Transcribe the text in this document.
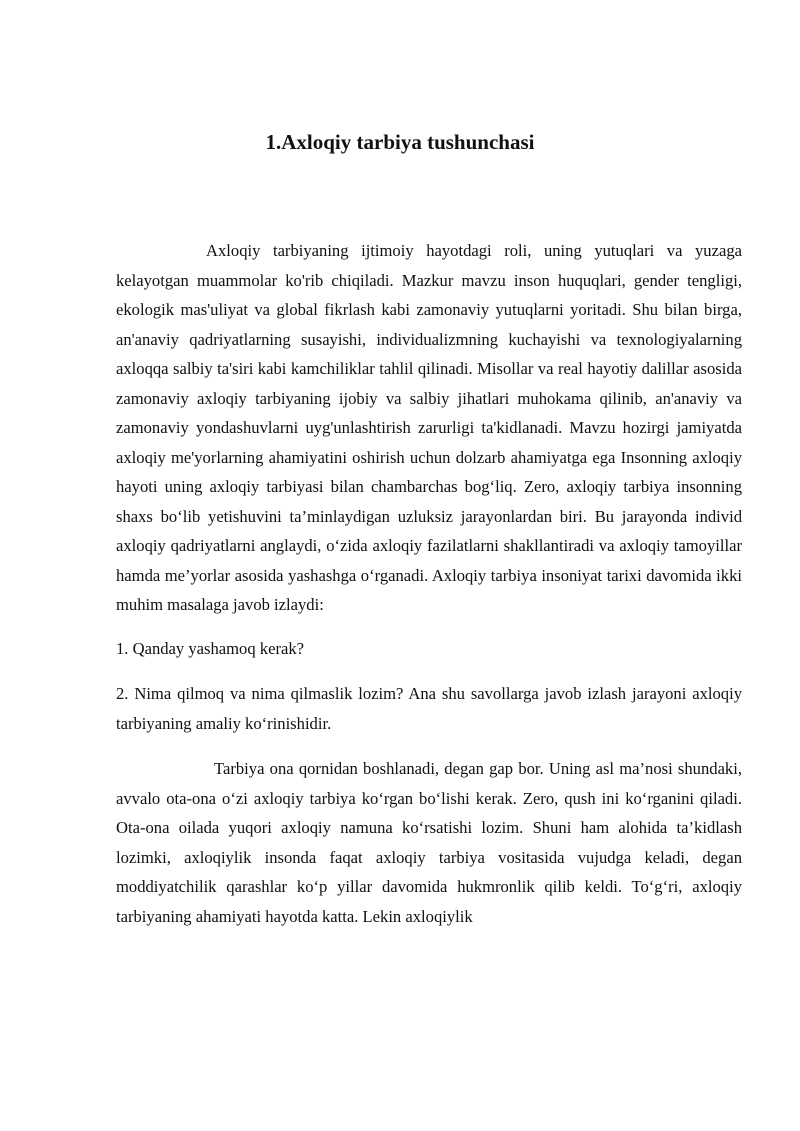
1.Axloqiy tarbiya tushunchasi

Axloqiy tarbiyaning ijtimoiy hayotdagi roli, uning yutuqlari va yuzaga kelayotgan muammolar ko'rib chiqiladi. Mazkur mavzu inson huquqlari, gender tengligi, ekologik mas'uliyat va global fikrlash kabi zamonaviy yutuqlarni yoritadi. Shu bilan birga, an'anaviy qadriyatlarning susayishi, individualizmning kuchayishi va texnologiyalarning axloqqa salbiy ta'siri kabi kamchiliklar tahlil qilinadi. Misollar va real hayotiy dalillar asosida zamonaviy axloqiy tarbiyaning ijobiy va salbiy jihatlari muhokama qilinib, an'anaviy va zamonaviy yondashuvlarni uyg'unlashtirish zarurligi ta'kidlanadi. Mavzu hozirgi jamiyatda axloqiy me'yorlarning ahamiyatini oshirish uchun dolzarb ahamiyatga ega Insonning axloqiy hayoti uning axloqiy tarbiyasi bilan chambarchas bog‘liq. Zero, axloqiy tarbiya insonning shaxs bo‘lib yetishuvini ta’minlaydigan uzluksiz jarayonlardan biri. Bu jarayonda individ axloqiy qadriyatlarni anglaydi, o‘zida axloqiy fazilatlarni shakllantiradi va axloqiy tamoyillar hamda me’yorlar asosida yashashga o‘rganadi. Axloqiy tarbiya insoniyat tarixi davomida ikki muhim masalaga javob izlaydi:

1. Qanday yashamoq kerak?

2. Nima qilmoq va nima qilmaslik lozim? Ana shu savollarga javob izlash jarayoni axloqiy tarbiyaning amaliy ko‘rinishidir.

Tarbiya ona qornidan boshlanadi, degan gap bor. Uning asl ma’nosi shundaki, avvalo ota-ona o‘zi axloqiy tarbiya ko‘rgan bo‘lishi kerak. Zero, qush ini ko‘rganini qiladi. Ota-ona oilada yuqori axloqiy namuna ko‘rsatishi lozim. Shuni ham alohida ta’kidlash lozimki, axloqiylik insonda faqat axloqiy tarbiya vositasida vujudga keladi, degan moddiyatchilik qarashlar ko‘p yillar davomida hukmronlik qilib keldi. To‘g‘ri, axloqiy tarbiyaning ahamiyati hayotda katta. Lekin axloqiylik
